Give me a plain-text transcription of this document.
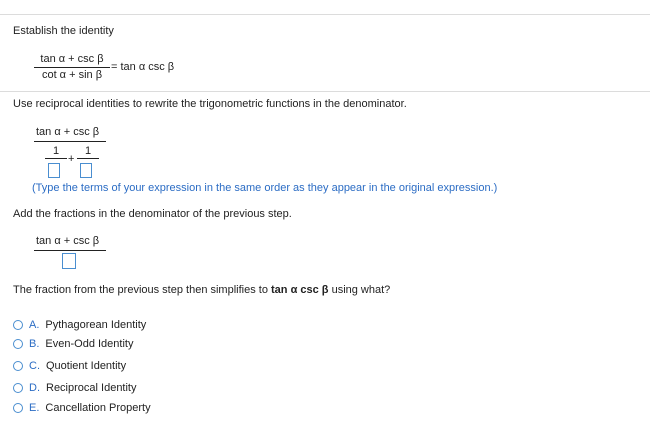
Establish the identity
tan α + csc β
cot α + sin β
= tan α csc β
Use reciprocal identities to rewrite the trigonometric functions in the denominator.
tan α + csc β
1 1
+
(Type the terms of your expression in the same order as they appear in the original expression.)
Add the fractions in the denominator of the previous step.
tan α + csc β
The fraction from the previous step then simplifies to tan α csc β using what?
A. Pythagorean Identity
B. Even-Odd Identity
C. Quotient Identity
D. Reciprocal Identity
E. Cancellation Property
